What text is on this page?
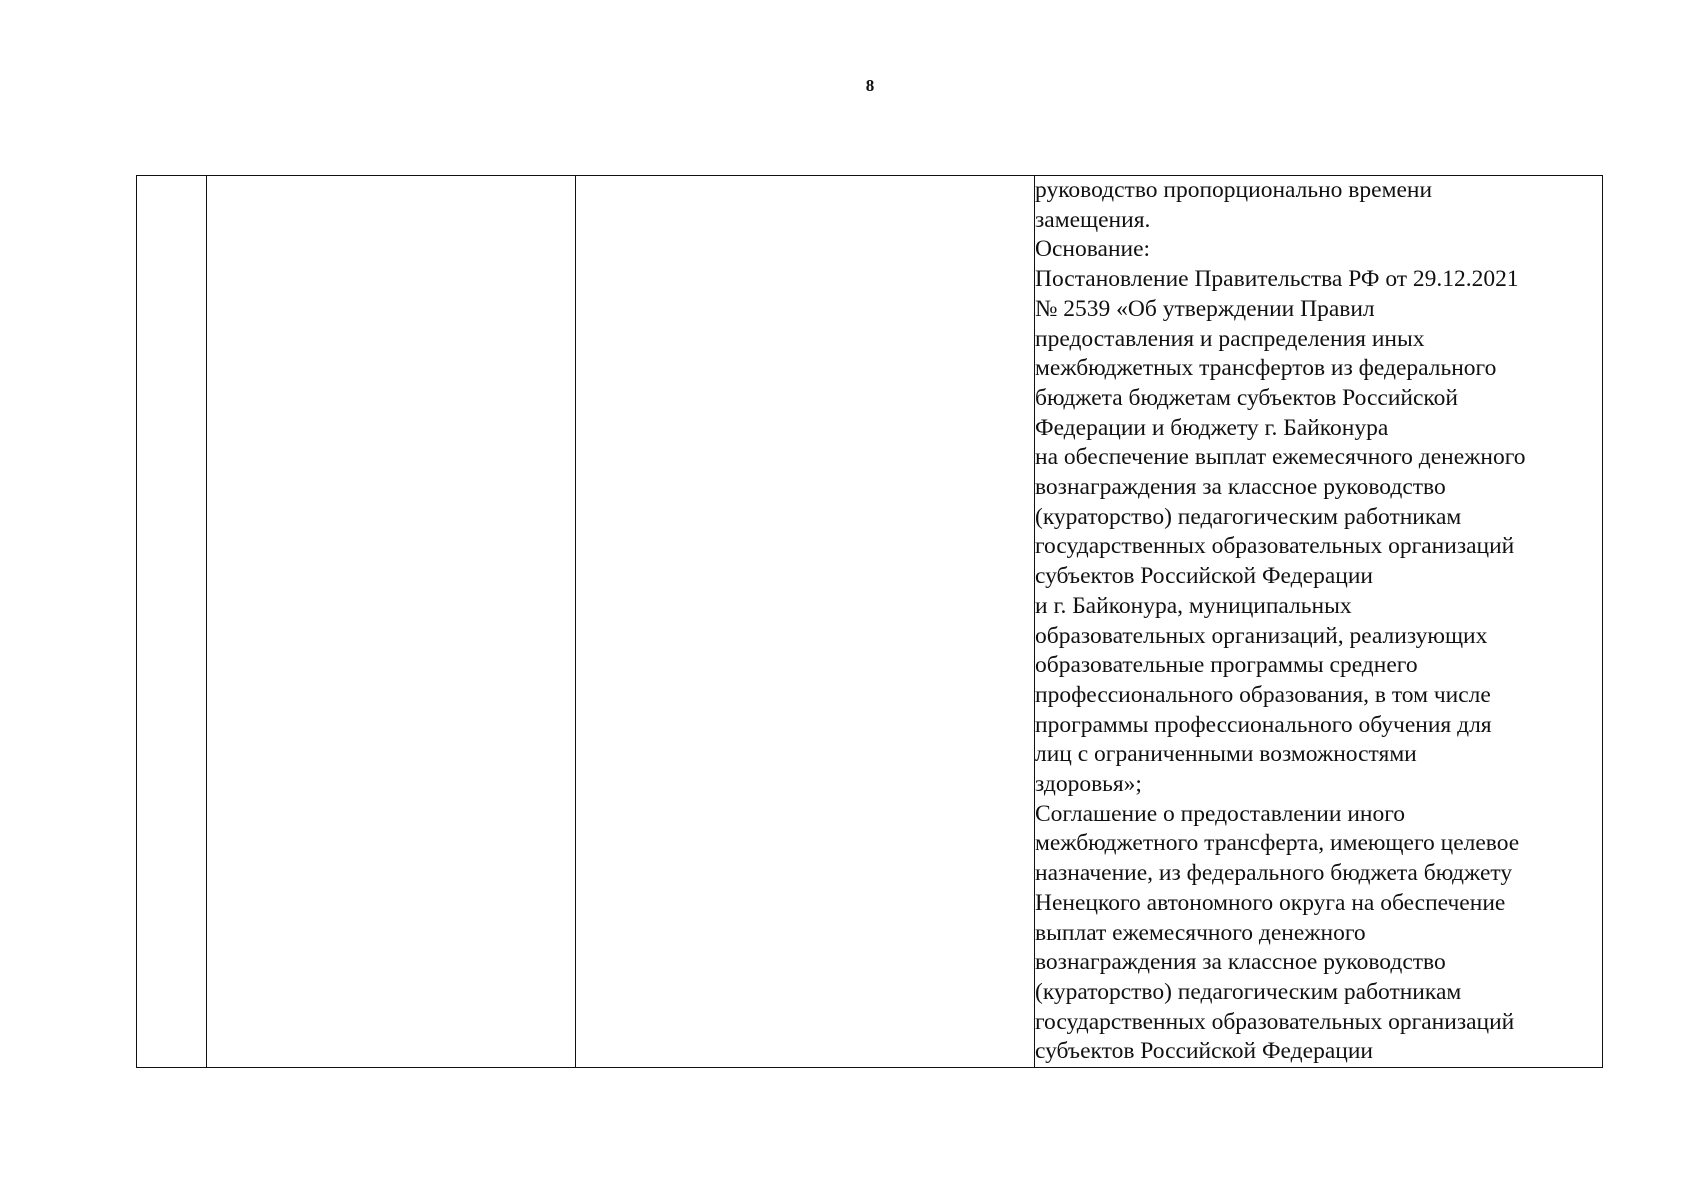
8

руководство пропорционально времени
замещения.
Основание:
Постановление Правительства РФ от 29.12.2021
№ 2539 «Об утверждении Правил
предоставления и распределения иных
межбюджетных трансфертов из федерального
бюджета бюджетам субъектов Российской
Федерации и бюджету г. Байконура
на обеспечение выплат ежемесячного денежного
вознаграждения за классное руководство
(кураторство) педагогическим работникам
государственных образовательных организаций
субъектов Российской Федерации
и г. Байконура, муниципальных
образовательных организаций, реализующих
образовательные программы среднего
профессионального образования, в том числе
программы профессионального обучения для
лиц с ограниченными возможностями
здоровья»;
Соглашение о предоставлении иного
межбюджетного трансферта, имеющего целевое
назначение, из федерального бюджета бюджету
Ненецкого автономного округа на обеспечение
выплат ежемесячного денежного
вознаграждения за классное руководство
(кураторство) педагогическим работникам
государственных образовательных организаций
субъектов Российской Федерации
